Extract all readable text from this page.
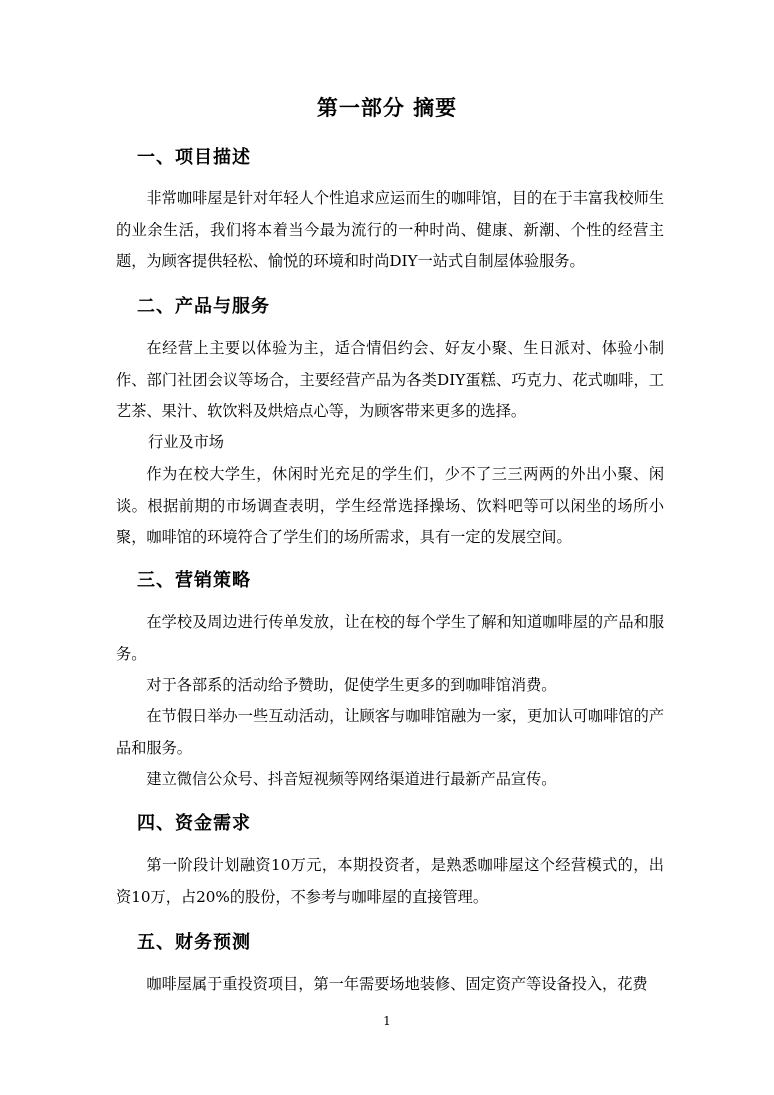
第一部分 摘要
一、项目描述
非常咖啡屋是针对年轻人个性追求应运而生的咖啡馆，目的在于丰富我校师生的业余生活，我们将本着当今最为流行的一种时尚、健康、新潮、个性的经营主题，为顾客提供轻松、愉悦的环境和时尚DIY一站式自制屋体验服务。
二、产品与服务
在经营上主要以体验为主，适合情侣约会、好友小聚、生日派对、体验小制作、部门社团会议等场合，主要经营产品为各类DIY蛋糕、巧克力、花式咖啡，工艺茶、果汁、软饮料及烘焙点心等，为顾客带来更多的选择。
行业及市场
作为在校大学生，休闲时光充足的学生们，少不了三三两两的外出小聚、闲谈。根据前期的市场调查表明，学生经常选择操场、饮料吧等可以闲坐的场所小聚，咖啡馆的环境符合了学生们的场所需求，具有一定的发展空间。
三、营销策略
在学校及周边进行传单发放，让在校的每个学生了解和知道咖啡屋的产品和服务。
对于各部系的活动给予赞助，促使学生更多的到咖啡馆消费。
在节假日举办一些互动活动，让顾客与咖啡馆融为一家，更加认可咖啡馆的产品和服务。
建立微信公众号、抖音短视频等网络渠道进行最新产品宣传。
四、资金需求
第一阶段计划融资10万元，本期投资者，是熟悉咖啡屋这个经营模式的，出资10万，占20%的股份，不参考与咖啡屋的直接管理。
五、财务预测
咖啡屋属于重投资项目，第一年需要场地装修、固定资产等设备投入，花费
1
